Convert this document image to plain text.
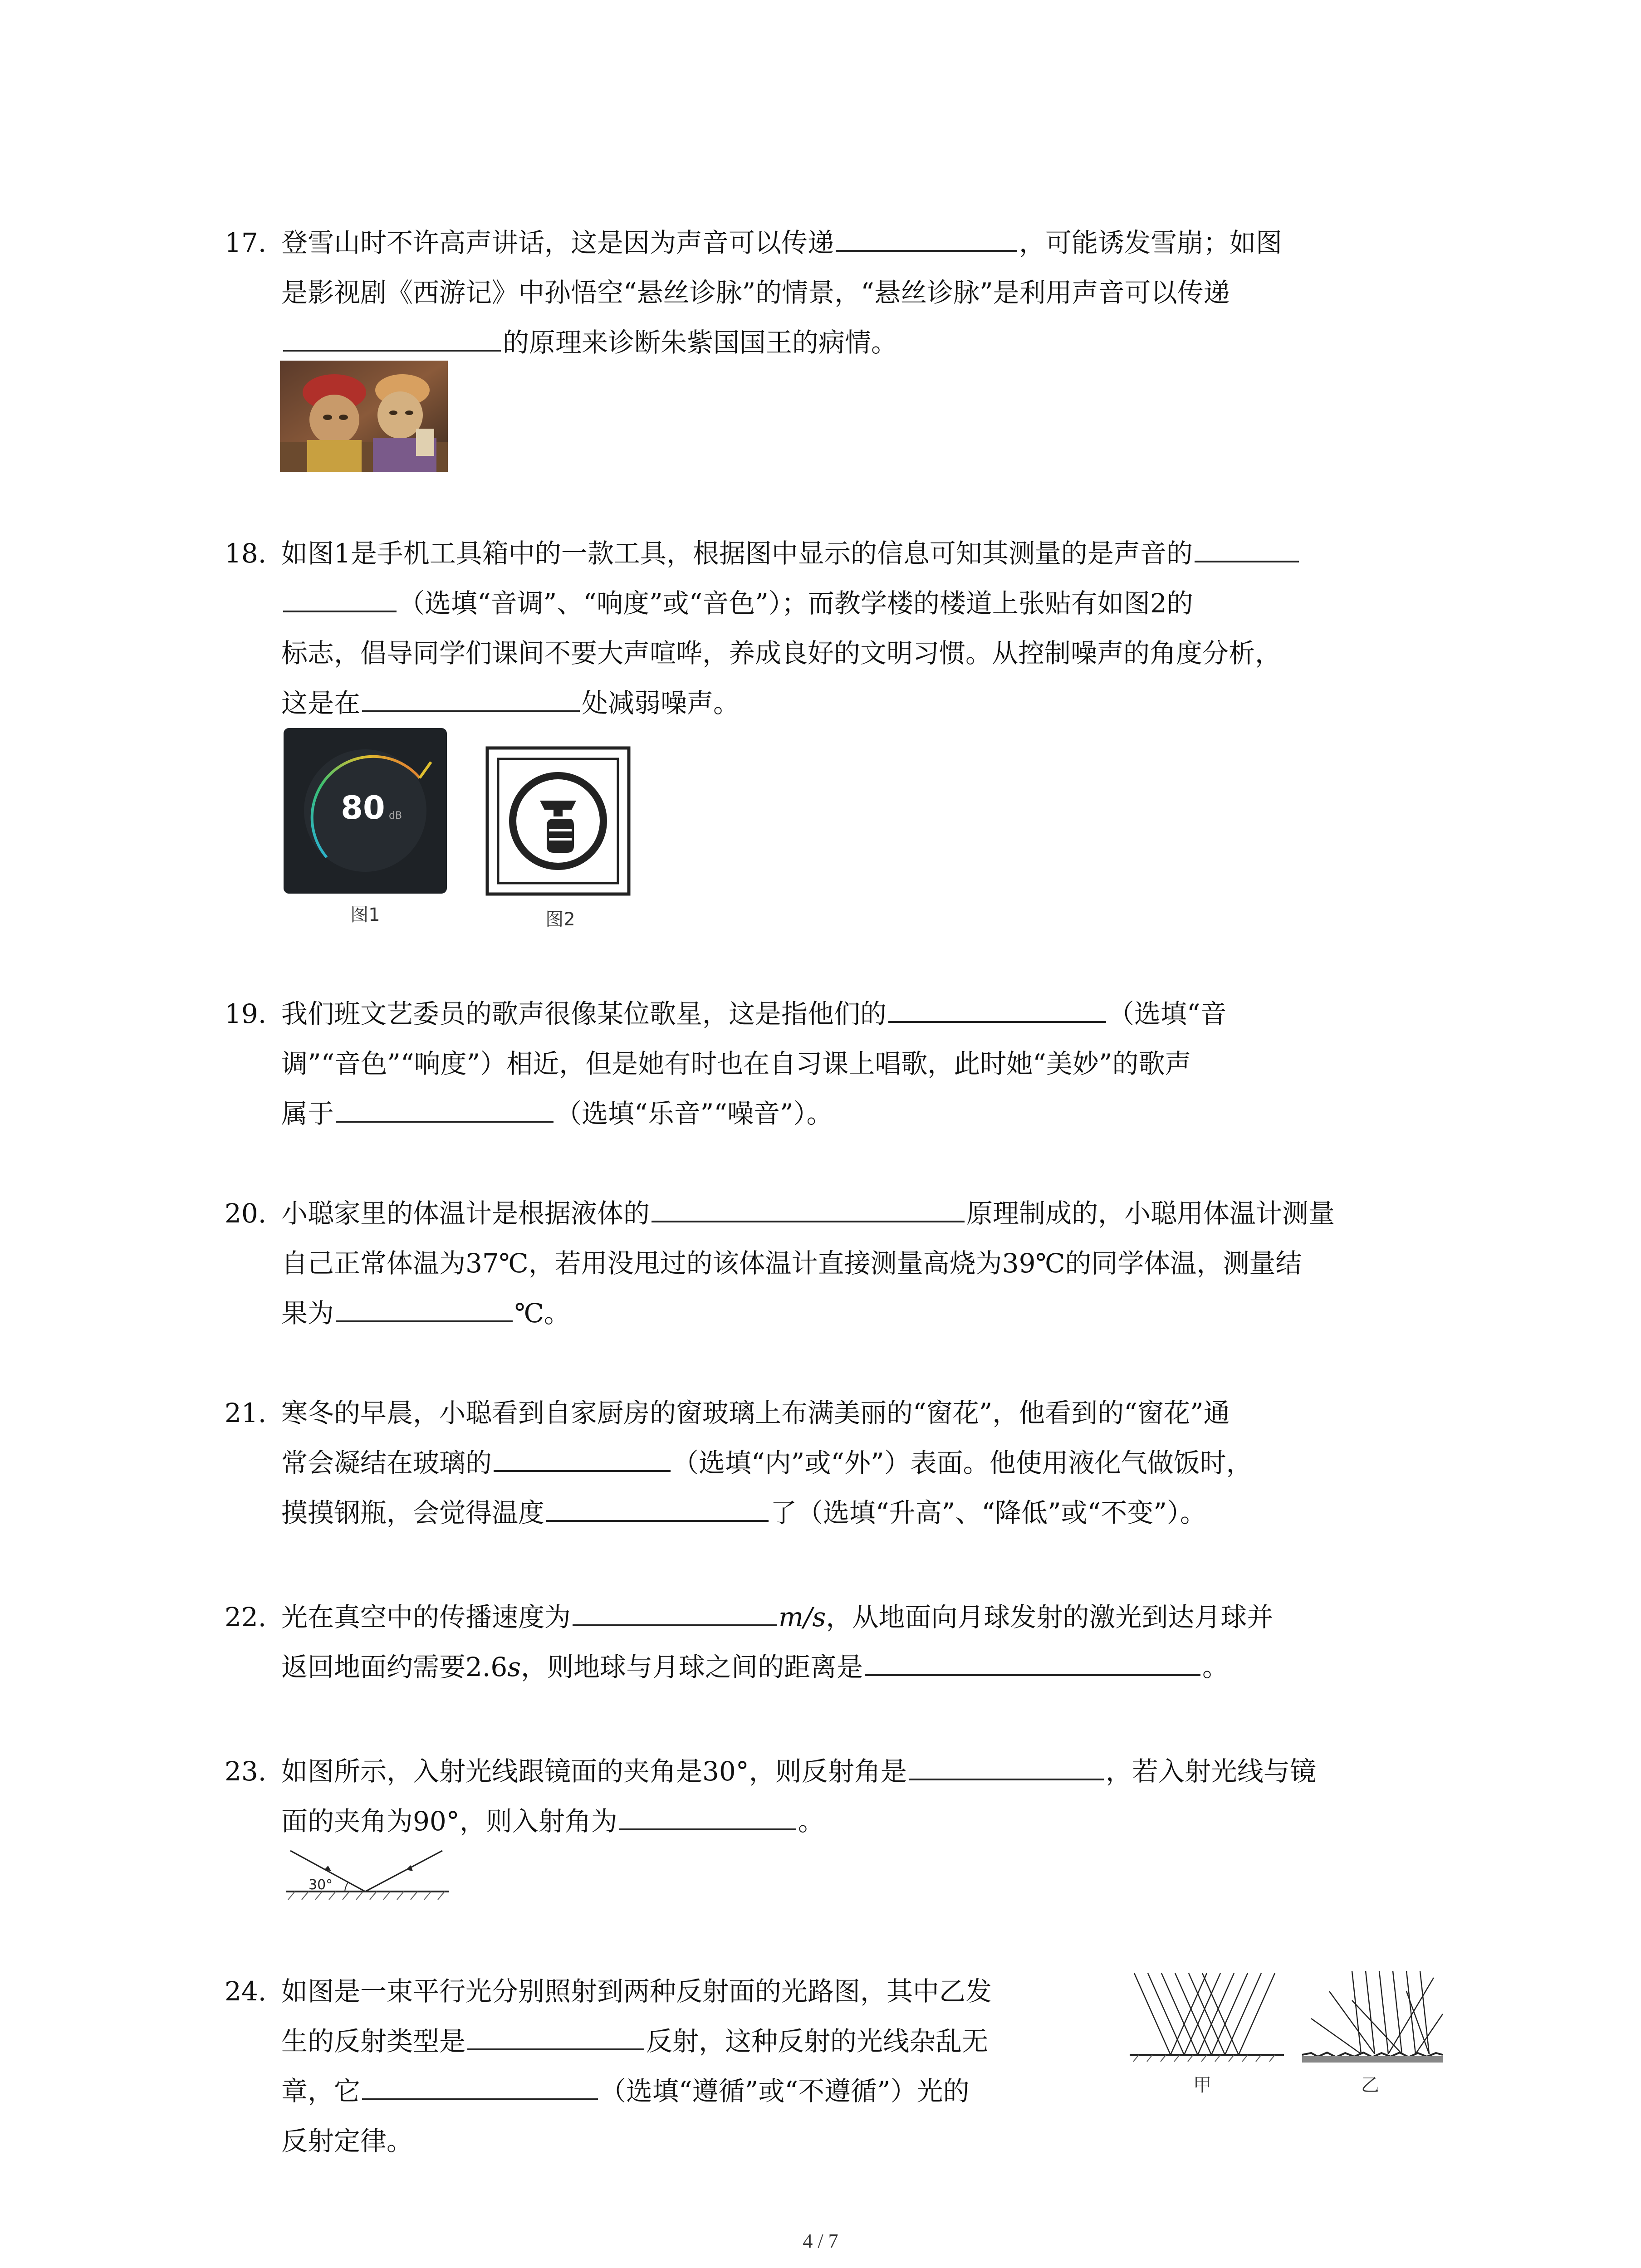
17. 登雪山时不许高声讲话，这是因为声音可以传递	，可能诱发雪崩；如图
是影视剧《西游记》中孙悟空“悬丝诊脉”的情景，“悬丝诊脉”是利用声音可以传递
的原理来诊断朱紫国国王的病情。
18. 如图1是手机工具箱中的一款工具，根据图中显示的信息可知其测量的是声音的
（选填“音调”、“响度”或“音色”）；而教学楼的楼道上张贴有如图2的
标志，倡导同学们课间不要大声喧哗，养成良好的文明习惯。从控制噪声的角度分析，
这是在	处减弱噪声。
80 dB
图1	图2
19. 我们班文艺委员的歌声很像某位歌星，这是指他们的	（选填“音
调”“音色”“响度”）相近，但是她有时也在自习课上唱歌，此时她“美妙”的歌声
属于	（选填“乐音”“噪音”）。
20. 小聪家里的体温计是根据液体的	原理制成的，小聪用体温计测量
自己正常体温为37℃，若用没甩过的该体温计直接测量高烧为39℃的同学体温，测量结
果为	℃。
21. 寒冬的早晨，小聪看到自家厨房的窗玻璃上布满美丽的“窗花”，他看到的“窗花”通
常会凝结在玻璃的	（选填“内”或“外”）表面。他使用液化气做饭时，
摸摸钢瓶，会觉得温度	了（选填“升高”、“降低”或“不变”）。
22. 光在真空中的传播速度为	m/s，从地面向月球发射的激光到达月球并
返回地面约需要2.6s，则地球与月球之间的距离是	。
23. 如图所示，入射光线跟镜面的夹角是30°，则反射角是	，若入射光线与镜
面的夹角为90°，则入射角为	。
30°
24. 如图是一束平行光分别照射到两种反射面的光路图，其中乙发
生的反射类型是	反射，这种反射的光线杂乱无
章，它	（选填“遵循”或“不遵循”）光的
反射定律。
甲	乙
4 / 7
